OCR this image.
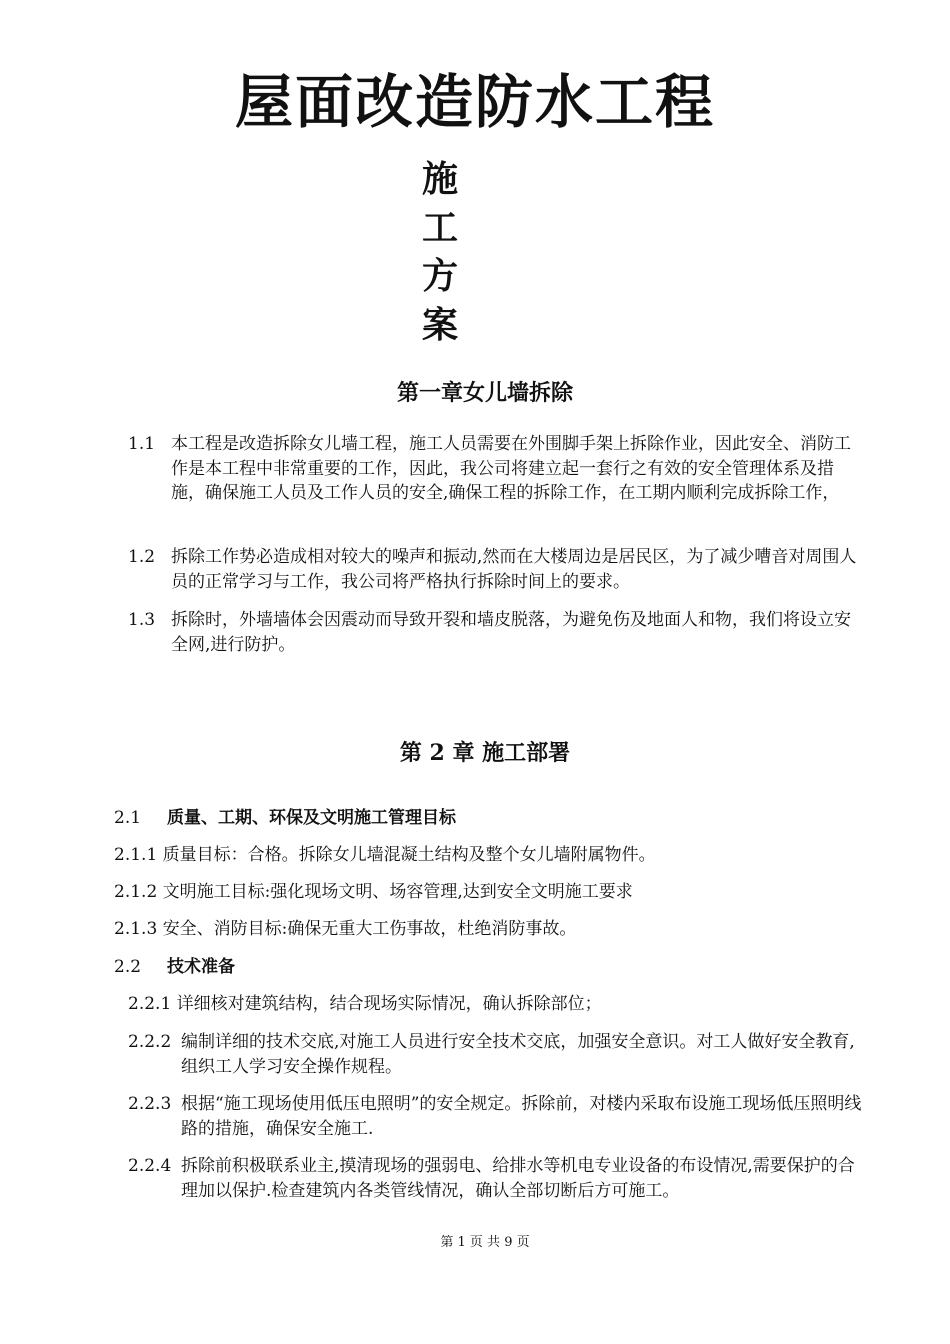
屋面改造防水工程
施
工
方
案
第一章女儿墙拆除
1.1 本工程是改造拆除女儿墙工程，施工人员需要在外围脚手架上拆除作业，因此安全、消防工作是本工程中非常重要的工作，因此，我公司将建立起一套行之有效的安全管理体系及措施，确保施工人员及工作人员的安全,确保工程的拆除工作，在工期内顺利完成拆除工作，
1.2 拆除工作势必造成相对较大的噪声和振动,然而在大楼周边是居民区，为了减少嘈音对周围人员的正常学习与工作，我公司将严格执行拆除时间上的要求。
1.3 拆除时，外墙墙体会因震动而导致开裂和墙皮脱落，为避免伤及地面人和物，我们将设立安全网,进行防护。
第 2 章 施工部署
2.1 质量、工期、环保及文明施工管理目标
2.1.1 质量目标：合格。拆除女儿墙混凝土结构及整个女儿墙附属物件。
2.1.2 文明施工目标:强化现场文明、场容管理,达到安全文明施工要求
2.1.3 安全、消防目标:确保无重大工伤事故，杜绝消防事故。
2.2 技术准备
2.2.1 详细核对建筑结构，结合现场实际情况，确认拆除部位；
2.2.2 编制详细的技术交底,对施工人员进行安全技术交底，加强安全意识。对工人做好安全教育,组织工人学习安全操作规程。
2.2.3 根据“施工现场使用低压电照明”的安全规定。拆除前，对楼内采取布设施工现场低压照明线路的措施，确保安全施工.
2.2.4 拆除前积极联系业主,摸清现场的强弱电、给排水等机电专业设备的布设情况,需要保护的合理加以保护.检查建筑内各类管线情况，确认全部切断后方可施工。
第 1 页 共 9 页
